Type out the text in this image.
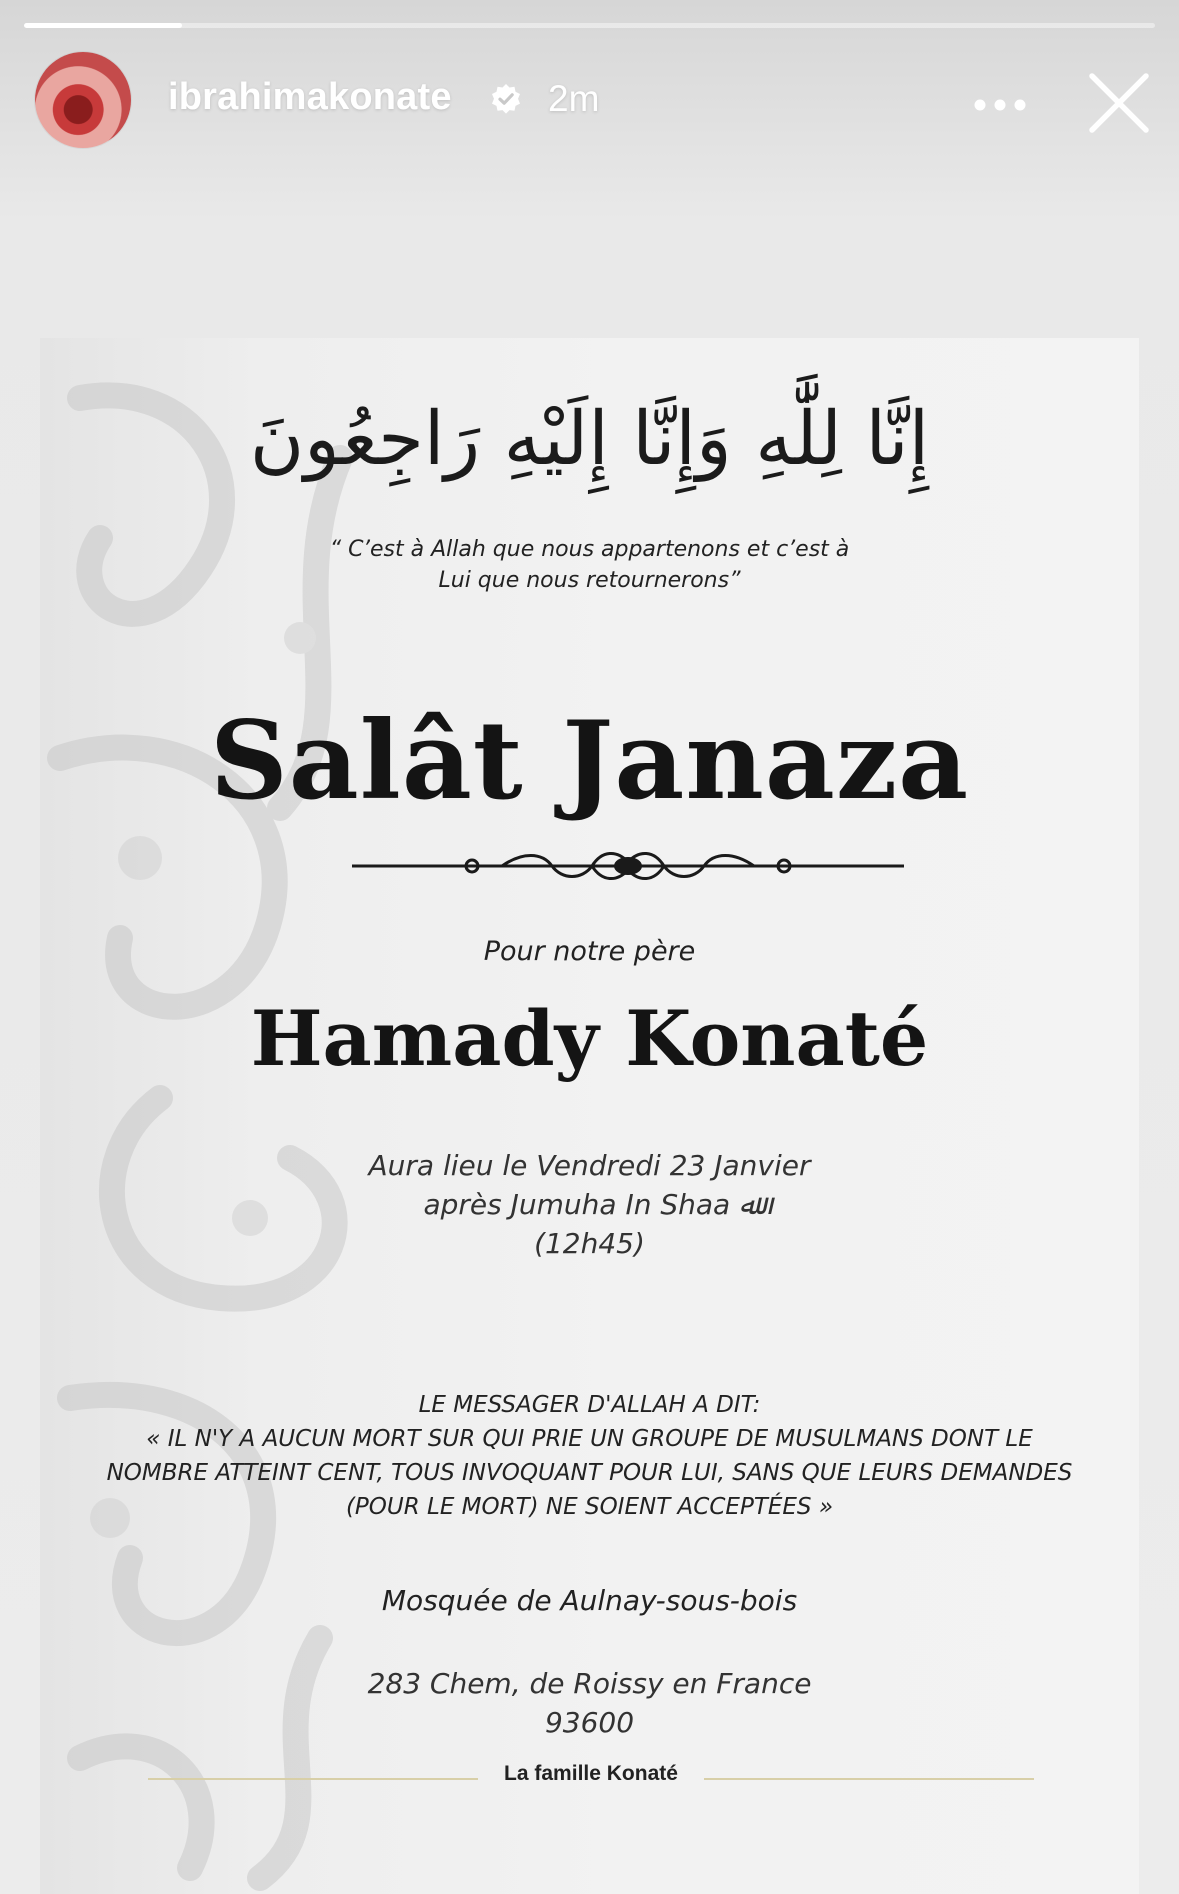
ibrahimakonate	2m
إِنَّا لِلَّٰهِ وَإِنَّا إِلَيْهِ رَاجِعُونَ
“ C’est à Allah que nous appartenons et c’est à
Lui que nous retournerons”
Salât Janaza
Pour notre père
Hamady Konaté
Aura lieu le Vendredi 23 Janvier
après Jumuha In Shaa ﷲ
(12h45)
LE MESSAGER D'ALLAH A DIT:
« IL N'Y A AUCUN MORT SUR QUI PRIE UN GROUPE DE MUSULMANS DONT LE
NOMBRE ATTEINT CENT, TOUS INVOQUANT POUR LUI, SANS QUE LEURS DEMANDES
(POUR LE MORT) NE SOIENT ACCEPTÉES »
Mosquée de Aulnay-sous-bois
283 Chem, de Roissy en France
93600
La famille Konaté
